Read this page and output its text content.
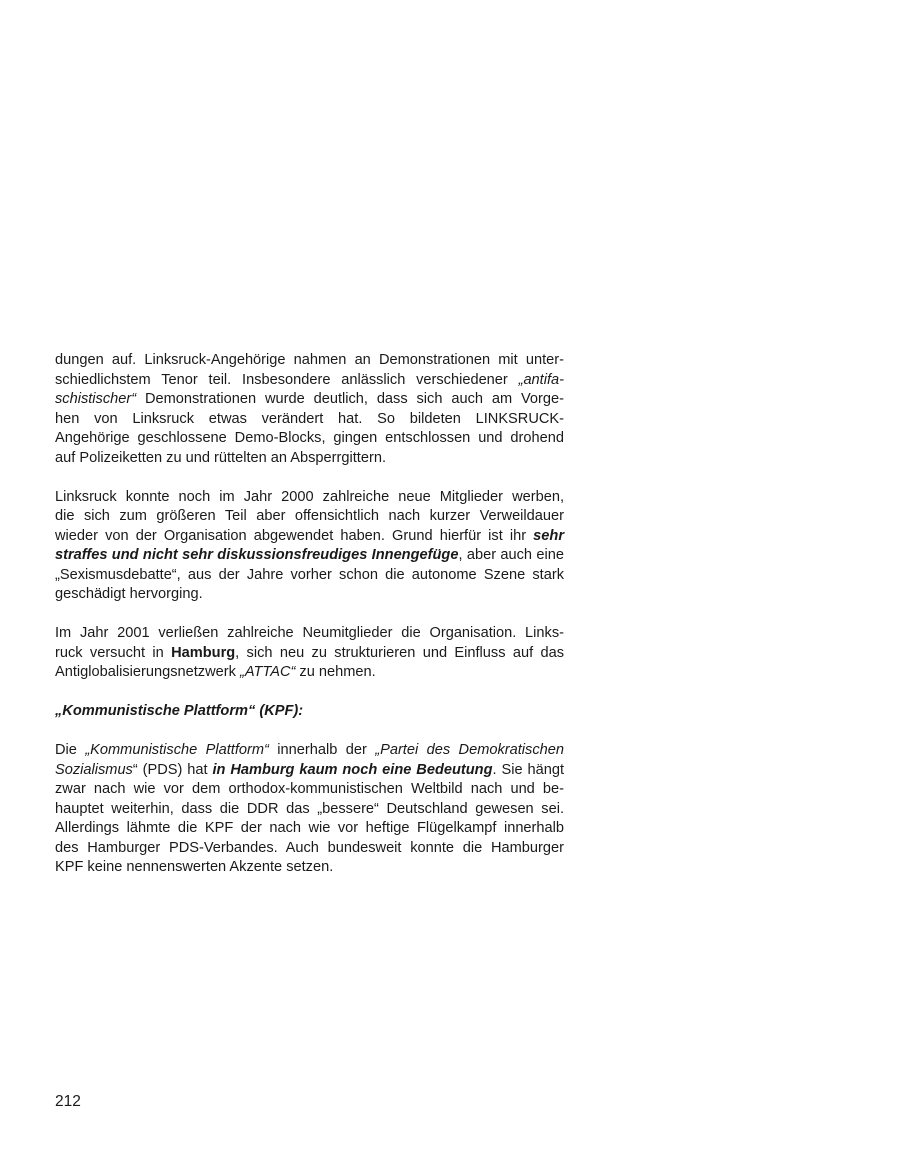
dungen auf. Linksruck-Angehörige nahmen an Demonstrationen mit unter-
schiedlichstem Tenor teil. Insbesondere anlässlich verschiedener „antifa-
schistischer“ Demonstrationen wurde deutlich, dass sich auch am Vorge-
hen von Linksruck etwas verändert hat. So bildeten LINKSRUCK-
Angehörige geschlossene Demo-Blocks, gingen entschlossen und drohend
auf Polizeiketten zu und rüttelten an Absperrgittern.
Linksruck konnte noch im Jahr 2000 zahlreiche neue Mitglieder werben,
die sich zum größeren Teil aber offensichtlich nach kurzer Verweildauer
wieder von der Organisation abgewendet haben. Grund hierfür ist ihr sehr
straffes und nicht sehr diskussionsfreudiges Innengefüge, aber auch eine
„Sexismusdebatte“, aus der Jahre vorher schon die autonome Szene stark
geschädigt hervorging.
Im Jahr 2001 verließen zahlreiche Neumitglieder die Organisation. Links-
ruck versucht in Hamburg, sich neu zu strukturieren und Einfluss auf das
Antiglobalisierungsnetzwerk „ATTAC“ zu nehmen.
„Kommunistische Plattform“ (KPF):
Die „Kommunistische Plattform“ innerhalb der „Partei des Demokratischen
Sozialismus“ (PDS) hat in Hamburg kaum noch eine Bedeutung. Sie hängt
zwar nach wie vor dem orthodox-kommunistischen Weltbild nach und be-
hauptet weiterhin, dass die DDR das „bessere“ Deutschland gewesen sei.
Allerdings lähmte die KPF der nach wie vor heftige Flügelkampf innerhalb
des Hamburger PDS-Verbandes. Auch bundesweit konnte die Hamburger
KPF keine nennenswerten Akzente setzen.
212
